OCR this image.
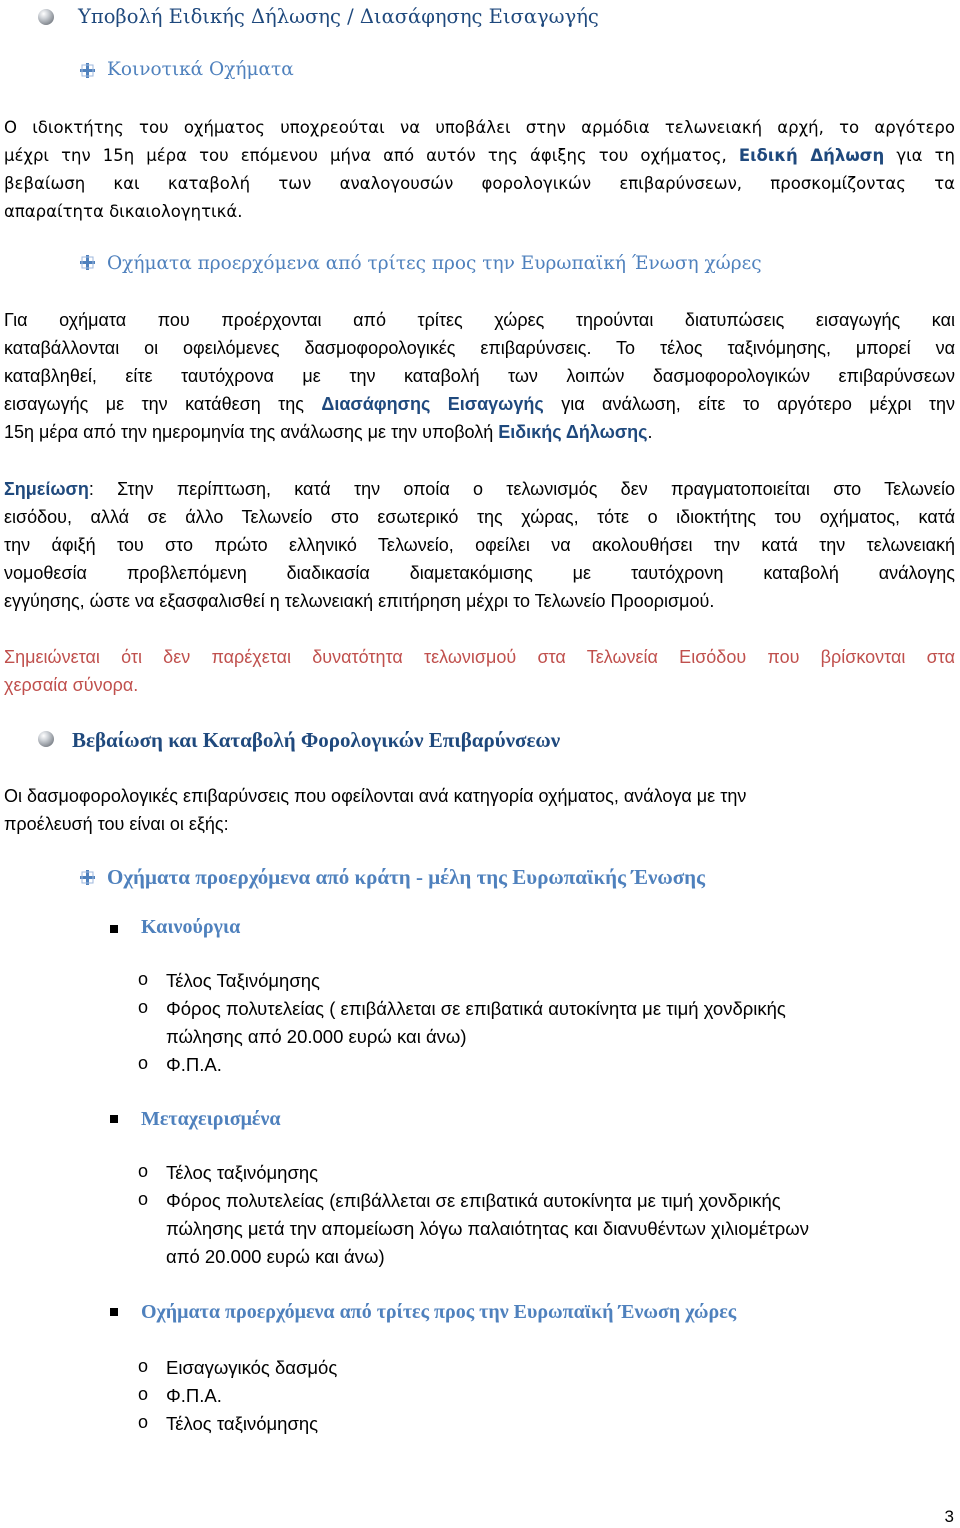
Υποβολή Ειδικής Δήλωσης / Διασάφησης Εισαγωγής
Κοινοτικά Οχήματα
Ο ιδιοκτήτης του οχήματος υποχρεούται να υποβάλει στην αρμόδια τελωνειακή αρχή, το αργότερο
μέχρι την 15η μέρα του επόμενου μήνα από αυτόν της άφιξης του οχήματος, Ειδική Δήλωση για τη
βεβαίωση και καταβολή των αναλογουσών φορολογικών επιβαρύνσεων, προσκομίζοντας τα
απαραίτητα δικαιολογητικά.
Οχήματα προερχόμενα από τρίτες προς την Ευρωπαϊκή Ένωση χώρες
Για οχήματα που προέρχονται από τρίτες χώρες τηρούνται διατυπώσεις εισαγωγής και
καταβάλλονται οι οφειλόμενες δασμοφορολογικές επιβαρύνσεις. Το τέλος ταξινόμησης, μπορεί να
καταβληθεί, είτε ταυτόχρονα με την καταβολή των λοιπών δασμοφορολογικών επιβαρύνσεων
εισαγωγής με την κατάθεση της Διασάφησης Εισαγωγής για ανάλωση, είτε το αργότερο μέχρι την
15η μέρα από την ημερομηνία της ανάλωσης με την υποβολή Ειδικής Δήλωσης.
Σημείωση: Στην περίπτωση, κατά την οποία ο τελωνισμός δεν πραγματοποιείται στο Τελωνείο
εισόδου, αλλά σε άλλο Τελωνείο στο εσωτερικό της χώρας, τότε ο ιδιοκτήτης του οχήματος, κατά
την άφιξή του στο πρώτο ελληνικό Τελωνείο, οφείλει να ακολουθήσει την κατά την τελωνειακή
νομοθεσία προβλεπόμενη διαδικασία διαμετακόμισης με ταυτόχρονη καταβολή ανάλογης
εγγύησης, ώστε να εξασφαλισθεί η τελωνειακή επιτήρηση μέχρι το Τελωνείο Προορισμού.
Σημειώνεται ότι δεν παρέχεται δυνατότητα τελωνισμού στα Τελωνεία Εισόδου που βρίσκονται στα
χερσαία σύνορα.
Βεβαίωση και Καταβολή Φορολογικών Επιβαρύνσεων
Οι δασμοφορολογικές επιβαρύνσεις που οφείλονται ανά κατηγορία οχήματος, ανάλογα με την
προέλευσή του είναι οι εξής:
Οχήματα προερχόμενα από κράτη - μέλη της Ευρωπαϊκής Ένωσης
Καινούργια
o Τέλος Ταξινόμησης
o Φόρος πολυτελείας ( επιβάλλεται σε επιβατικά αυτοκίνητα με τιμή χονδρικής
πώλησης από 20.000 ευρώ και άνω)
o Φ.Π.Α.
Μεταχειρισμένα
o Τέλος ταξινόμησης
o Φόρος πολυτελείας (επιβάλλεται σε επιβατικά αυτοκίνητα με τιμή χονδρικής
πώλησης μετά την απομείωση λόγω παλαιότητας και διανυθέντων χιλιομέτρων
από 20.000 ευρώ και άνω)
Οχήματα προερχόμενα από τρίτες προς την Ευρωπαϊκή Ένωση χώρες
o Εισαγωγικός δασμός
o Φ.Π.Α.
o Τέλος ταξινόμησης
3
